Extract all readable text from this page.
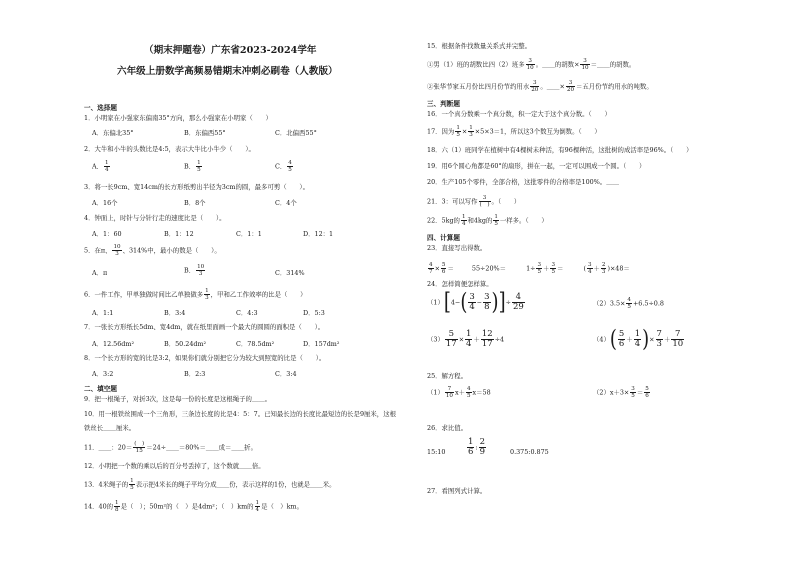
（期末押题卷）广东省2023-2024学年
六年级上册数学高频易错期末冲刺必刷卷（人教版）
一、选择题
1．小明家在小强家东偏南35°方向，那么小强家在小明家（　　）
A．东偏北35°	B．东偏西55°	C．北偏西55°
2．大牛和小牛的头数比是4:5，表示大牛比小牛少（　　）。
A． $\frac{1}{4}$	B． $\frac{1}{5}$	C． $\frac{4}{5}$
3．将一长9cm、宽14cm的长方形纸剪出半径为3cm的圆，最多可剪（　　）。
A．16个	B．8个	C．4个
4．钟面上，时针与分针行走的速度比是（　　）。
A．1：60	B．1：12	C．1：1	D．12：1
5．在π、 $\frac{10}{3}$ 、314%中，最小的数是（　　）。
A．π	B． $\frac{10}{3}$	C．314%
6．一件工作，甲单独做时间比乙单独做多 $\frac{1}{3}$ ，甲和乙工作效率的比是（　　）
A．1:1	B．3:4	C．4:3	D．5:3
7．一张长方形纸长5dm、宽4dm，就在纸里面画一个最大的圆圆的面积是（　　）。
A．12.56dm²	B．50.24dm²	C．78.5dm²	D．157dm²
8．一个长方形的宽的比是3:2，如果你们就分别把它分为较大到照宽的比是（　　）。
A．3:2	B．2:3	C．3:4
二、填空题
9．把一根绳子，对折3次，这是每一份的长度是这根绳子的＿＿。
10．用一根铁丝围成一个三角形，三条边长度的比是4：5：7。已知最长边的长度比最短边的长是9厘米，这根
铁丝长＿＿厘米。
11．＿＿：$20= \frac{( )}{15}$ ＝24÷＿＿＝80%＝＿＿成＝＿＿折。
12．小明把一个数的乘以后的百分号丢掉了，这个数就＿＿倍。
13．4米绳子的 $\frac{1}{5}$ 表示把4米长的绳子平均分成＿＿份，表示这样的1份，也就是＿＿米。
14．40的 $\frac{1}{8}$ 是（　）；50m²的（　）是4dm²；（　）km的 $\frac{1}{4}$ 是（　）km。
15．根据条件找数量关系式并完整。
①男（1）班的胡数比四（2）班多 $\frac{3}{10}$ 。＿＿的胡数× $\frac{3}{10}$ ＝＿＿的胡数。
②张华节家五月份比四月份节约用水 $\frac{3}{20}$ 。＿＿× $\frac{3}{20}$ ＝五月份节约用水的吨数。
三、判断题
16．一个真分数乘一个真分数，积一定大于这个真分数。（　　）
17．因为 $\frac{1}{5} \times \frac{1}{3} \times 5\times 3=1$，所以这3个数互为倒数。（　　）
18．六（1）班同学在植树中有4棵树未种活，有96棵种活，这批树的成活率是96%。（　　）
19．用6个圆心角都是60°的扇形，拼在一起，一定可以围成一个圆。（　　）
20．生产105个零件，全部合格，这批零件的合格率是100%。＿＿
21．3：可以写作 $\frac{3}{( )}$ 。（　　）
22．5kg的 $\frac{1}{4}$ 和4kg的 $\frac{1}{5}$ 一样多。（　　）
四、计算题
23．直接写出得数。
$\frac{4}{7} \times \frac{5}{6}$ ＝	55÷20%＝	$1\div \frac{3}{5} + \frac{3}{5}$ ＝	( $\frac{3}{4} + \frac{2}{3} )\times 48=$
24．怎样简便怎样算。
$(1)[4-( \frac{3}{4} - \frac{3}{8}$ )]÷ $\frac{4}{29}$	$(2)3.5\times \frac{4}{5} +6.5\div 0.8$
$(3) \frac{5}{17} \times \frac{1}{4} + \frac{12}{17} \div 4$	$(4)( \frac{5}{6} + \frac{1}{4}$ )× $\frac{7}{3} + \frac{7}{10}$
25．解方程。
$(1) \frac{7}{10} x+ \frac{4}{5} x=58$	$(2)x+3\times \frac{3}{5} = \frac{5}{6}$
26．求比值。
15:10	$\frac{1}{6}$ : $\frac{2}{9}$	0.375:0.875
27．看图列式计算。
